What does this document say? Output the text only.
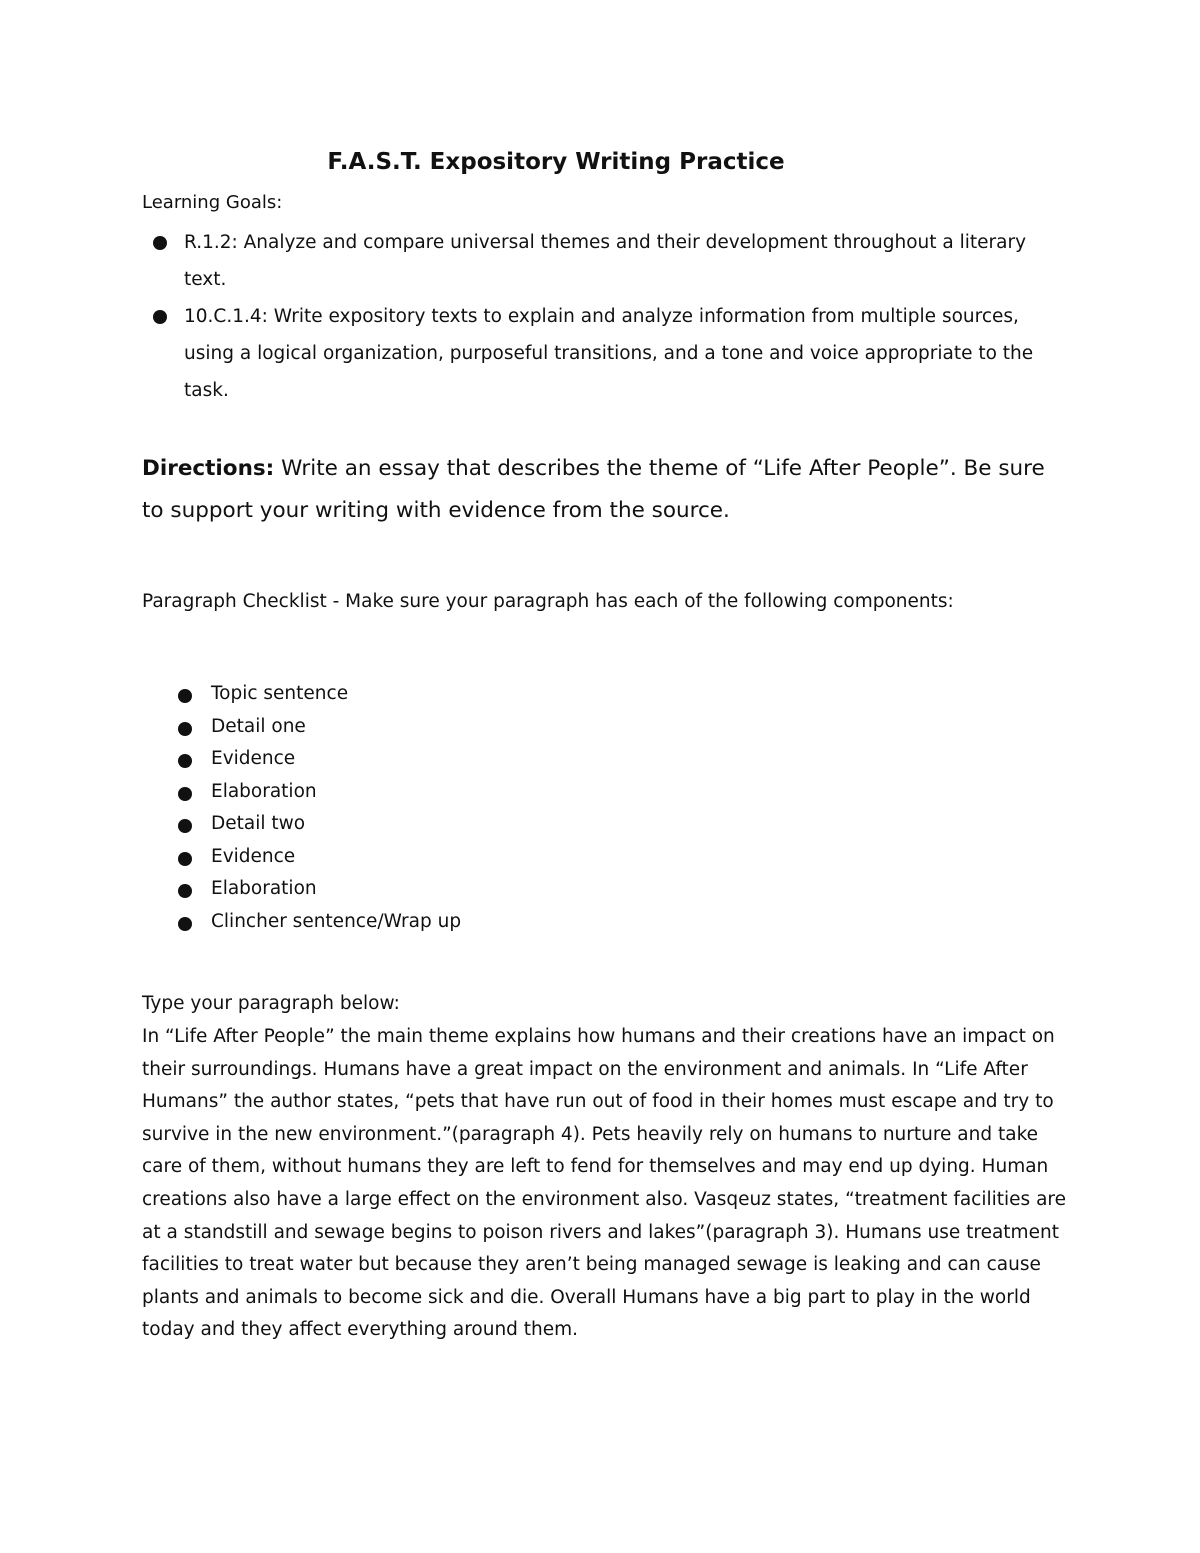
F.A.S.T. Expository Writing Practice
Learning Goals:
R.1.2: Analyze and compare universal themes and their development throughout a literary text.
10.C.1.4: Write expository texts to explain and analyze information from multiple sources, using a logical organization, purposeful transitions, and a tone and voice appropriate to the task.
Directions: Write an essay that describes the theme of “Life After People”. Be sure to support your writing with evidence from the source.
Paragraph Checklist - Make sure your paragraph has each of the following components:
Topic sentence
Detail one
Evidence
Elaboration
Detail two
Evidence
Elaboration
Clincher sentence/Wrap up
Type your paragraph below:
In “Life After People” the main theme explains how humans and their creations have an impact on their surroundings. Humans have a great impact on the environment and animals. In “Life After Humans” the author states, “pets that have run out of food in their homes must escape and try to survive in the new environment.”(paragraph 4). Pets heavily rely on humans to nurture and take care of them, without humans they are left to fend for themselves and may end up dying. Human creations also have a large effect on the environment also. Vasqeuz states, “treatment facilities are at a standstill and sewage begins to poison rivers and lakes”(paragraph 3). Humans use treatment facilities to treat water but because they aren’t being managed sewage is leaking and can cause plants and animals to become sick and die. Overall Humans have a big part to play in the world today and they affect everything around them.
